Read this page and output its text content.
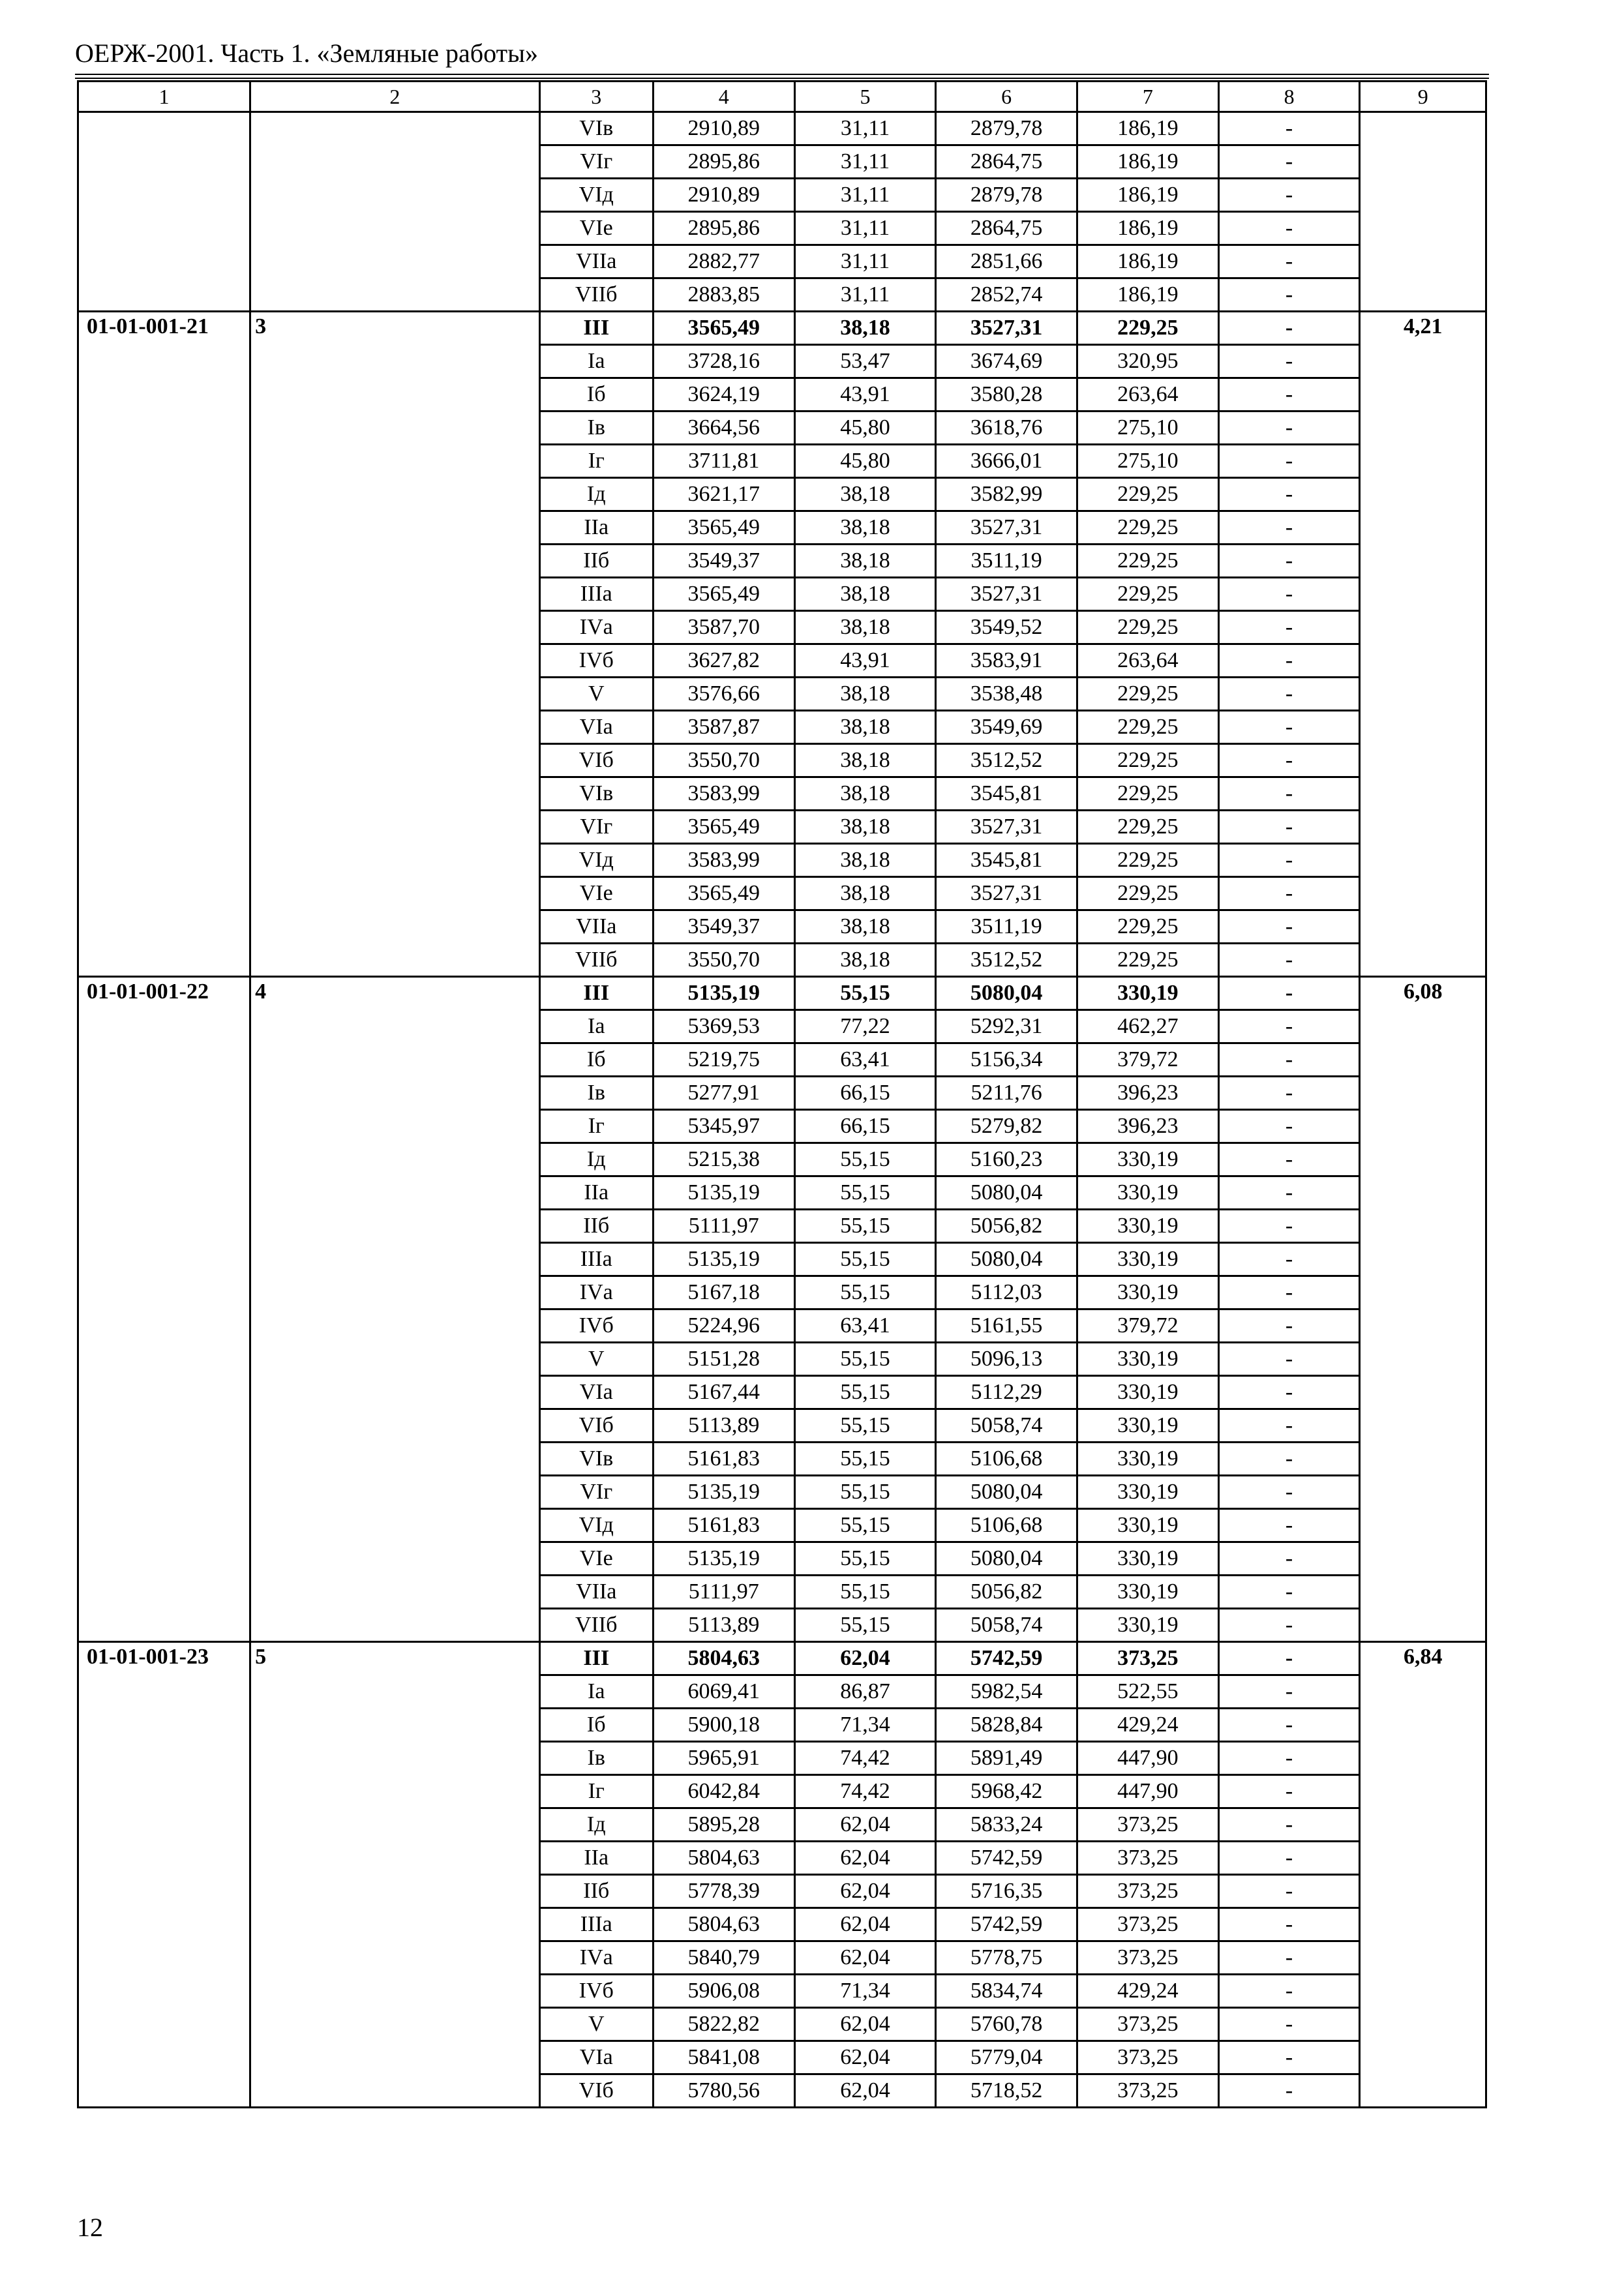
ОЕРЖ-2001. Часть 1. «Земляные работы»
1	2	3	4	5	6	7	8	9
		VIв	2910,89	31,11	2879,78	186,19	-	
		VIг	2895,86	31,11	2864,75	186,19	-	
		VIд	2910,89	31,11	2879,78	186,19	-	
		VIе	2895,86	31,11	2864,75	186,19	-	
		VIIа	2882,77	31,11	2851,66	186,19	-	
		VIIб	2883,85	31,11	2852,74	186,19	-	
01-01-001-21	3	III	3565,49	38,18	3527,31	229,25	-	4,21
		Iа	3728,16	53,47	3674,69	320,95	-	
		Iб	3624,19	43,91	3580,28	263,64	-	
		Iв	3664,56	45,80	3618,76	275,10	-	
		Iг	3711,81	45,80	3666,01	275,10	-	
		Iд	3621,17	38,18	3582,99	229,25	-	
		IIа	3565,49	38,18	3527,31	229,25	-	
		IIб	3549,37	38,18	3511,19	229,25	-	
		IIIа	3565,49	38,18	3527,31	229,25	-	
		IVа	3587,70	38,18	3549,52	229,25	-	
		IVб	3627,82	43,91	3583,91	263,64	-	
		V	3576,66	38,18	3538,48	229,25	-	
		VIа	3587,87	38,18	3549,69	229,25	-	
		VIб	3550,70	38,18	3512,52	229,25	-	
		VIв	3583,99	38,18	3545,81	229,25	-	
		VIг	3565,49	38,18	3527,31	229,25	-	
		VIд	3583,99	38,18	3545,81	229,25	-	
		VIе	3565,49	38,18	3527,31	229,25	-	
		VIIа	3549,37	38,18	3511,19	229,25	-	
		VIIб	3550,70	38,18	3512,52	229,25	-	
01-01-001-22	4	III	5135,19	55,15	5080,04	330,19	-	6,08
		Iа	5369,53	77,22	5292,31	462,27	-	
		Iб	5219,75	63,41	5156,34	379,72	-	
		Iв	5277,91	66,15	5211,76	396,23	-	
		Iг	5345,97	66,15	5279,82	396,23	-	
		Iд	5215,38	55,15	5160,23	330,19	-	
		IIа	5135,19	55,15	5080,04	330,19	-	
		IIб	5111,97	55,15	5056,82	330,19	-	
		IIIа	5135,19	55,15	5080,04	330,19	-	
		IVа	5167,18	55,15	5112,03	330,19	-	
		IVб	5224,96	63,41	5161,55	379,72	-	
		V	5151,28	55,15	5096,13	330,19	-	
		VIа	5167,44	55,15	5112,29	330,19	-	
		VIб	5113,89	55,15	5058,74	330,19	-	
		VIв	5161,83	55,15	5106,68	330,19	-	
		VIг	5135,19	55,15	5080,04	330,19	-	
		VIд	5161,83	55,15	5106,68	330,19	-	
		VIе	5135,19	55,15	5080,04	330,19	-	
		VIIа	5111,97	55,15	5056,82	330,19	-	
		VIIб	5113,89	55,15	5058,74	330,19	-	
01-01-001-23	5	III	5804,63	62,04	5742,59	373,25	-	6,84
		Iа	6069,41	86,87	5982,54	522,55	-	
		Iб	5900,18	71,34	5828,84	429,24	-	
		Iв	5965,91	74,42	5891,49	447,90	-	
		Iг	6042,84	74,42	5968,42	447,90	-	
		Iд	5895,28	62,04	5833,24	373,25	-	
		IIа	5804,63	62,04	5742,59	373,25	-	
		IIб	5778,39	62,04	5716,35	373,25	-	
		IIIа	5804,63	62,04	5742,59	373,25	-	
		IVа	5840,79	62,04	5778,75	373,25	-	
		IVб	5906,08	71,34	5834,74	429,24	-	
		V	5822,82	62,04	5760,78	373,25	-	
		VIа	5841,08	62,04	5779,04	373,25	-	
		VIб	5780,56	62,04	5718,52	373,25	-	
12
